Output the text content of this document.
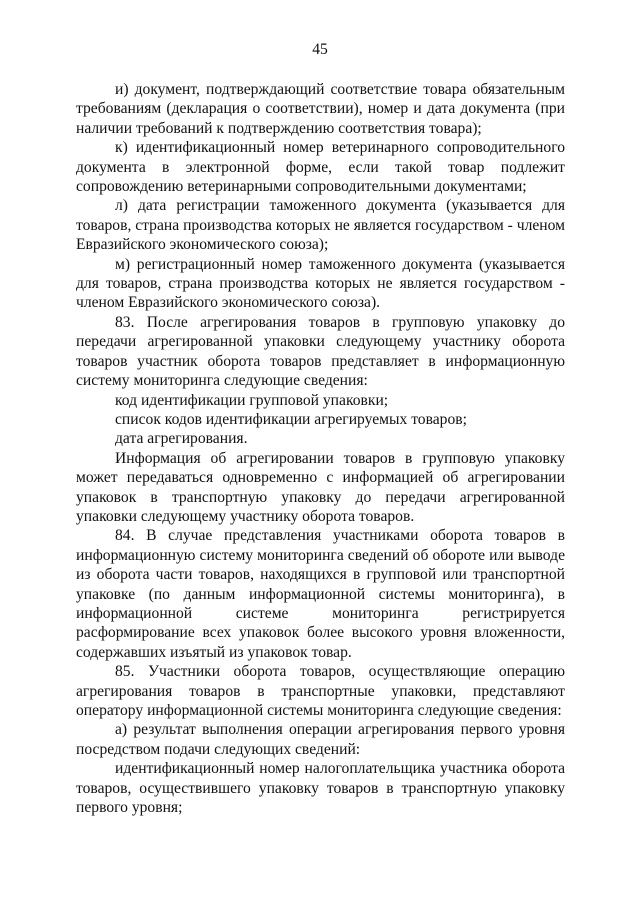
45

и) документ, подтверждающий соответствие товара обязательным требованиям (декларация о соответствии), номер и дата документа (при наличии требований к подтверждению соответствия товара);

к) идентификационный номер ветеринарного сопроводительного документа в электронной форме, если такой товар подлежит сопровождению ветеринарными сопроводительными документами;

л) дата регистрации таможенного документа (указывается для товаров, страна производства которых не является государством - членом Евразийского экономического союза);

м) регистрационный номер таможенного документа (указывается для товаров, страна производства которых не является государством - членом Евразийского экономического союза).

83. После агрегирования товаров в групповую упаковку до передачи агрегированной упаковки следующему участнику оборота товаров участник оборота товаров представляет в информационную систему мониторинга следующие сведения:

код идентификации групповой упаковки;

список кодов идентификации агрегируемых товаров;

дата агрегирования.

Информация об агрегировании товаров в групповую упаковку может передаваться одновременно с информацией об агрегировании упаковок в транспортную упаковку до передачи агрегированной упаковки следующему участнику оборота товаров.

84. В случае представления участниками оборота товаров в информационную систему мониторинга сведений об обороте или выводе из оборота части товаров, находящихся в групповой или транспортной упаковке (по данным информационной системы мониторинга), в информационной системе мониторинга регистрируется расформирование всех упаковок более высокого уровня вложенности, содержавших изъятый из упаковок товар.

85. Участники оборота товаров, осуществляющие операцию агрегирования товаров в транспортные упаковки, представляют оператору информационной системы мониторинга следующие сведения:

а) результат выполнения операции агрегирования первого уровня посредством подачи следующих сведений:

идентификационный номер налогоплательщика участника оборота товаров, осуществившего упаковку товаров в транспортную упаковку первого уровня;
